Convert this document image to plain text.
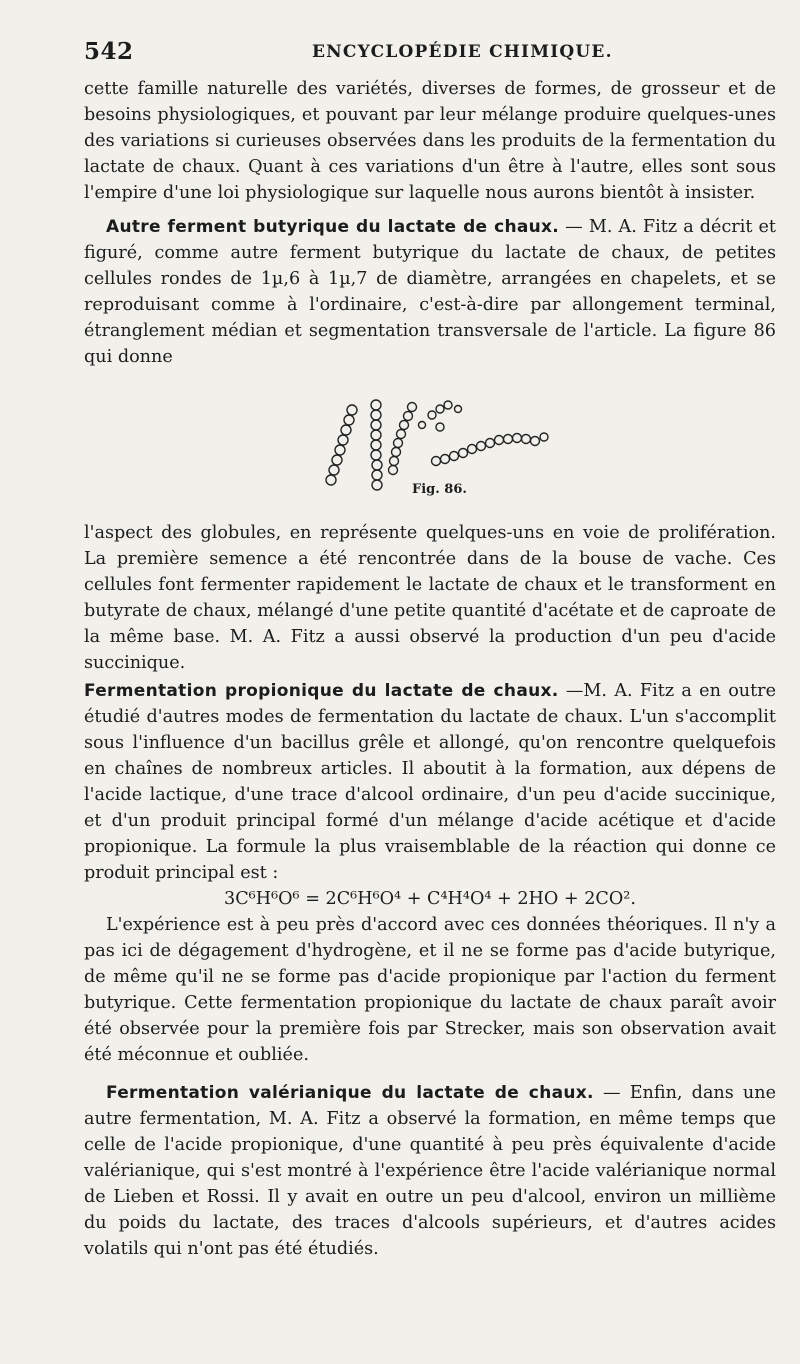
542	ENCYCLOPÉDIE CHIMIQUE.

cette famille naturelle des variétés, diverses de formes, de grosseur et de besoins physiologiques, et pouvant par leur mélange produire quelques-unes des variations si curieuses observées dans les produits de la fermentation du lactate de chaux. Quant à ces variations d'un être à l'autre, elles sont sous l'empire d'une loi physiologique sur laquelle nous aurons bientôt à insister.

Autre ferment butyrique du lactate de chaux. — M. A. Fitz a décrit et figuré, comme autre ferment butyrique du lactate de chaux, de petites cellules rondes de 1µ,6 à 1µ,7 de diamètre, arrangées en chapelets, et se reproduisant comme à l'ordinaire, c'est-à-dire par allongement terminal, étranglement médian et segmentation transversale de l'article. La figure 86 qui donne

Fig. 86.

l'aspect des globules, en représente quelques-uns en voie de prolifération. La première semence a été rencontrée dans de la bouse de vache. Ces cellules font fermenter rapidement le lactate de chaux et le transforment en butyrate de chaux, mélangé d'une petite quantité d'acétate et de caproate de la même base. M. A. Fitz a aussi observé la production d'un peu d'acide succinique.

Fermentation propionique du lactate de chaux. —M. A. Fitz a en outre étudié d'autres modes de fermentation du lactate de chaux. L'un s'accomplit sous l'influence d'un bacillus grêle et allongé, qu'on rencontre quelquefois en chaînes de nombreux articles. Il aboutit à la formation, aux dépens de l'acide lactique, d'une trace d'alcool ordinaire, d'un peu d'acide succinique, et d'un produit principal formé d'un mélange d'acide acétique et d'acide propionique. La formule la plus vraisemblable de la réaction qui donne ce produit principal est :

3C⁶H⁶O⁶ = 2C⁶H⁶O⁴ + C⁴H⁴O⁴ + 2HO + 2CO².

L'expérience est à peu près d'accord avec ces données théoriques. Il n'y a pas ici de dégagement d'hydrogène, et il ne se forme pas d'acide butyrique, de même qu'il ne se forme pas d'acide propionique par l'action du ferment butyrique. Cette fermentation propionique du lactate de chaux paraît avoir été observée pour la première fois par Strecker, mais son observation avait été méconnue et oubliée.

Fermentation valérianique du lactate de chaux. — Enfin, dans une autre fermentation, M. A. Fitz a observé la formation, en même temps que celle de l'acide propionique, d'une quantité à peu près équivalente d'acide valérianique, qui s'est montré à l'expérience être l'acide valérianique normal de Lieben et Rossi. Il y avait en outre un peu d'alcool, environ un millième du poids du lactate, des traces d'alcools supérieurs, et d'autres acides volatils qui n'ont pas été étudiés.
